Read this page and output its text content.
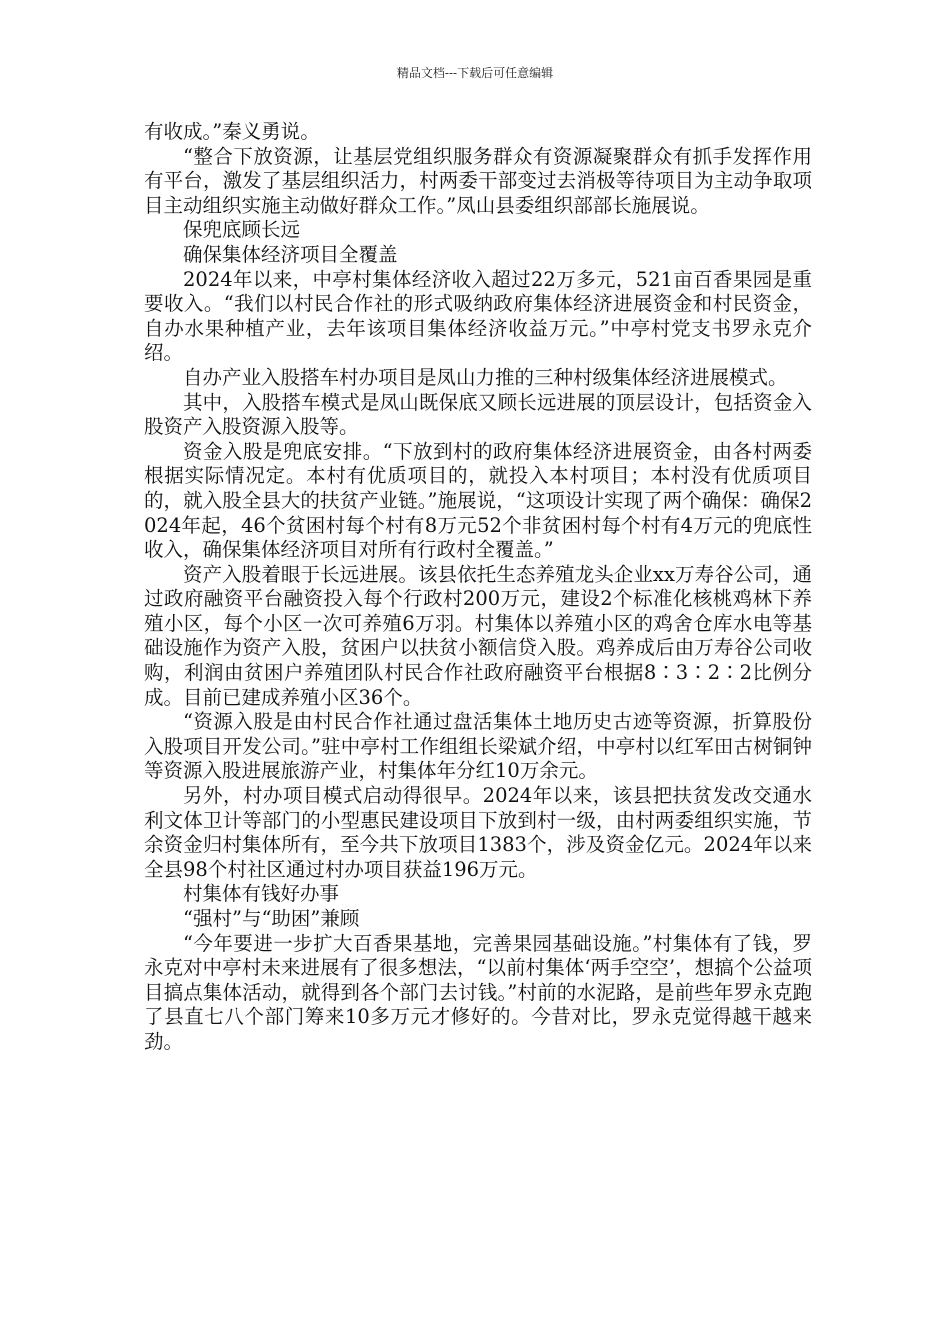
精品文档---下载后可任意编辑

有收成。”秦义勇说。

“整合下放资源，让基层党组织服务群众有资源凝聚群众有抓手发挥作用有平台，激发了基层组织活力，村两委干部变过去消极等待项目为主动争取项目主动组织实施主动做好群众工作。”凤山县委组织部部长施展说。

保兜底顾长远

确保集体经济项目全覆盖

2024年以来，中亭村集体经济收入超过22万多元，521亩百香果园是重要收入。“我们以村民合作社的形式吸纳政府集体经济进展资金和村民资金，自办水果种植产业，去年该项目集体经济收益万元。”中亭村党支书罗永克介绍。

自办产业入股搭车村办项目是凤山力推的三种村级集体经济进展模式。

其中，入股搭车模式是凤山既保底又顾长远进展的顶层设计，包括资金入股资产入股资源入股等。

资金入股是兜底安排。“下放到村的政府集体经济进展资金，由各村两委根据实际情况定。本村有优质项目的，就投入本村项目；本村没有优质项目的，就入股全县大的扶贫产业链。”施展说，“这项设计实现了两个确保：确保2024年起，46个贫困村每个村有8万元52个非贫困村每个村有4万元的兜底性收入，确保集体经济项目对所有行政村全覆盖。”

资产入股着眼于长远进展。该县依托生态养殖龙头企业xx万寿谷公司，通过政府融资平台融资投入每个行政村200万元，建设2个标准化核桃鸡林下养殖小区，每个小区一次可养殖6万羽。村集体以养殖小区的鸡舍仓库水电等基础设施作为资产入股，贫困户以扶贫小额信贷入股。鸡养成后由万寿谷公司收购，利润由贫困户养殖团队村民合作社政府融资平台根据8∶3∶2∶2比例分成。目前已建成养殖小区36个。

“资源入股是由村民合作社通过盘活集体土地历史古迹等资源，折算股份入股项目开发公司。”驻中亭村工作组组长梁斌介绍，中亭村以红军田古树铜钟等资源入股进展旅游产业，村集体年分红10万余元。

另外，村办项目模式启动得很早。2024年以来，该县把扶贫发改交通水利文体卫计等部门的小型惠民建设项目下放到村一级，由村两委组织实施，节余资金归村集体所有，至今共下放项目1383个，涉及资金亿元。2024年以来全县98个村社区通过村办项目获益196万元。

村集体有钱好办事

“强村”与“助困”兼顾

“今年要进一步扩大百香果基地，完善果园基础设施。”村集体有了钱，罗永克对中亭村未来进展有了很多想法，“以前村集体‘两手空空’，想搞个公益项目搞点集体活动，就得到各个部门去讨钱。”村前的水泥路，是前些年罗永克跑了县直七八个部门筹来10多万元才修好的。今昔对比，罗永克觉得越干越来劲。
